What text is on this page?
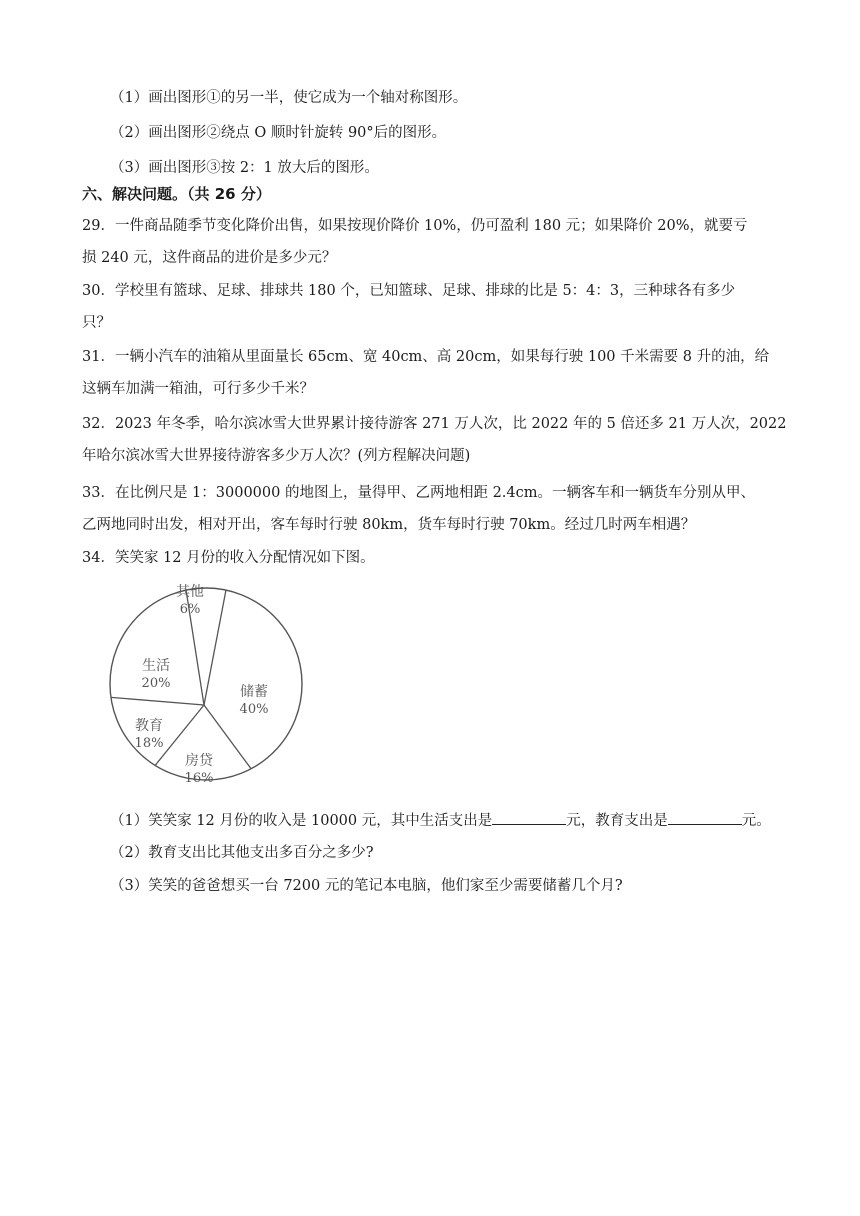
（1）画出图形①的另一半，使它成为一个轴对称图形。
（2）画出图形②绕点 O 顺时针旋转 90°后的图形。
（3）画出图形③按 2：1 放大后的图形。
六、解决问题。（共 26 分）
29．一件商品随季节变化降价出售，如果按现价降价 10%，仍可盈利 180 元；如果降价 20%，就要亏
损 240 元，这件商品的进价是多少元？
30．学校里有篮球、足球、排球共 180 个，已知篮球、足球、排球的比是 5：4：3，三种球各有多少
只？
31．一辆小汽车的油箱从里面量长 65cm、宽 40cm、高 20cm，如果每行驶 100 千米需要 8 升的油，给
这辆车加满一箱油，可行多少千米？
32．2023 年冬季，哈尔滨冰雪大世界累计接待游客 271 万人次，比 2022 年的 5 倍还多 21 万人次，2022
年哈尔滨冰雪大世界接待游客多少万人次？(列方程解决问题)
33．在比例尺是 1：3000000 的地图上，量得甲、乙两地相距 2.4cm。一辆客车和一辆货车分别从甲、
乙两地同时出发，相对开出，客车每时行驶 80km，货车每时行驶 70km。经过几时两车相遇？
34．笑笑家 12 月份的收入分配情况如下图。
储蓄
40%
房贷
16%
教育
18%
生活
20%
其他
6%
（1）笑笑家 12 月份的收入是 10000 元，其中生活支出是	元，教育支出是	元。
（2）教育支出比其他支出多百分之多少?
（3）笑笑的爸爸想买一台 7200 元的笔记本电脑，他们家至少需要储蓄几个月?
